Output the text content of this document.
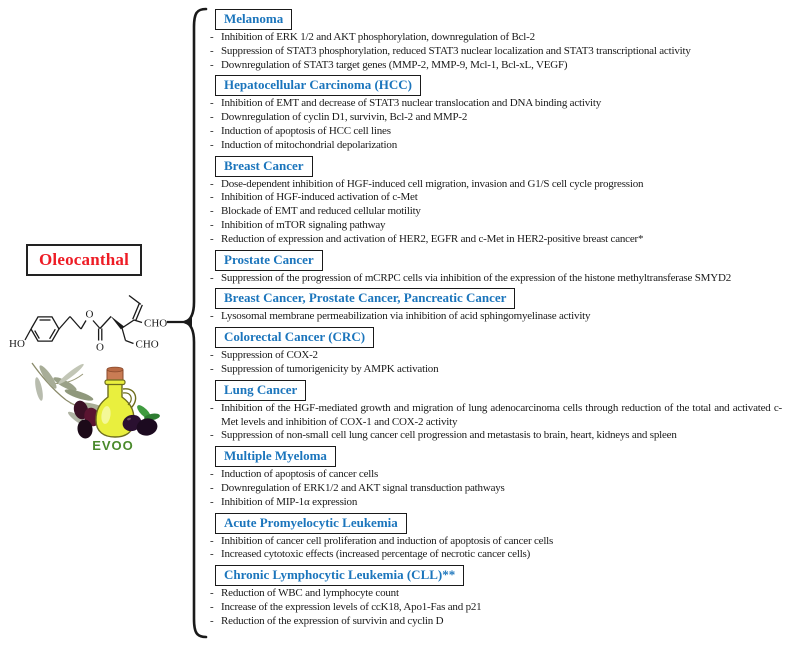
Oleocanthal
HO
O
O
CHO
CHO
EVOO
Melanoma
- Inhibition of ERK 1/2 and AKT phosphorylation, downregulation of Bcl-2
- Suppression of STAT3 phosphorylation, reduced STAT3 nuclear localization and STAT3 transcriptional activity
- Downregulation of STAT3 target genes (MMP-2, MMP-9, Mcl-1, Bcl-xL, VEGF)
Hepatocellular Carcinoma (HCC)
- Inhibition of EMT and decrease of STAT3 nuclear translocation and DNA binding activity
- Downregulation of cyclin D1, survivin, Bcl-2 and MMP-2
- Induction of apoptosis of HCC cell lines
- Induction of mitochondrial depolarization
Breast Cancer
- Dose-dependent inhibition of HGF-induced cell migration, invasion and G1/S cell cycle progression
- Inhibition of HGF-induced activation of c-Met
- Blockade of EMT and reduced cellular motility
- Inhibition of mTOR signaling pathway
- Reduction of expression and activation of HER2, EGFR and c-Met in HER2-positive breast cancer*
Prostate Cancer
- Suppression of the progression of mCRPC cells via inhibition of the expression of the histone methyltransferase SMYD2
Breast Cancer, Prostate Cancer, Pancreatic Cancer
- Lysosomal membrane permeabilization via inhibition of acid sphingomyelinase activity
Colorectal Cancer (CRC)
- Suppression of COX-2
- Suppression of tumorigenicity by AMPK activation
Lung Cancer
- Inhibition of the HGF-mediated growth and migration of lung adenocarcinoma cells through reduction of the total and activated c-Met levels and inhibition of COX-1 and COX-2 activity
- Suppression of non-small cell lung cancer cell progression and metastasis to brain, heart, kidneys and spleen
Multiple Myeloma
- Induction of apoptosis of cancer cells
- Downregulation of ERK1/2 and AKT signal transduction pathways
- Inhibition of MIP-1α expression
Acute Promyelocytic Leukemia
- Inhibition of cancer cell proliferation and induction of apoptosis of cancer cells
- Increased cytotoxic effects (increased percentage of necrotic cancer cells)
Chronic Lymphocytic Leukemia (CLL)**
- Reduction of WBC and lymphocyte count
- Increase of the expression levels of ccK18, Apo1-Fas and p21
- Reduction of the expression of survivin and cyclin D
